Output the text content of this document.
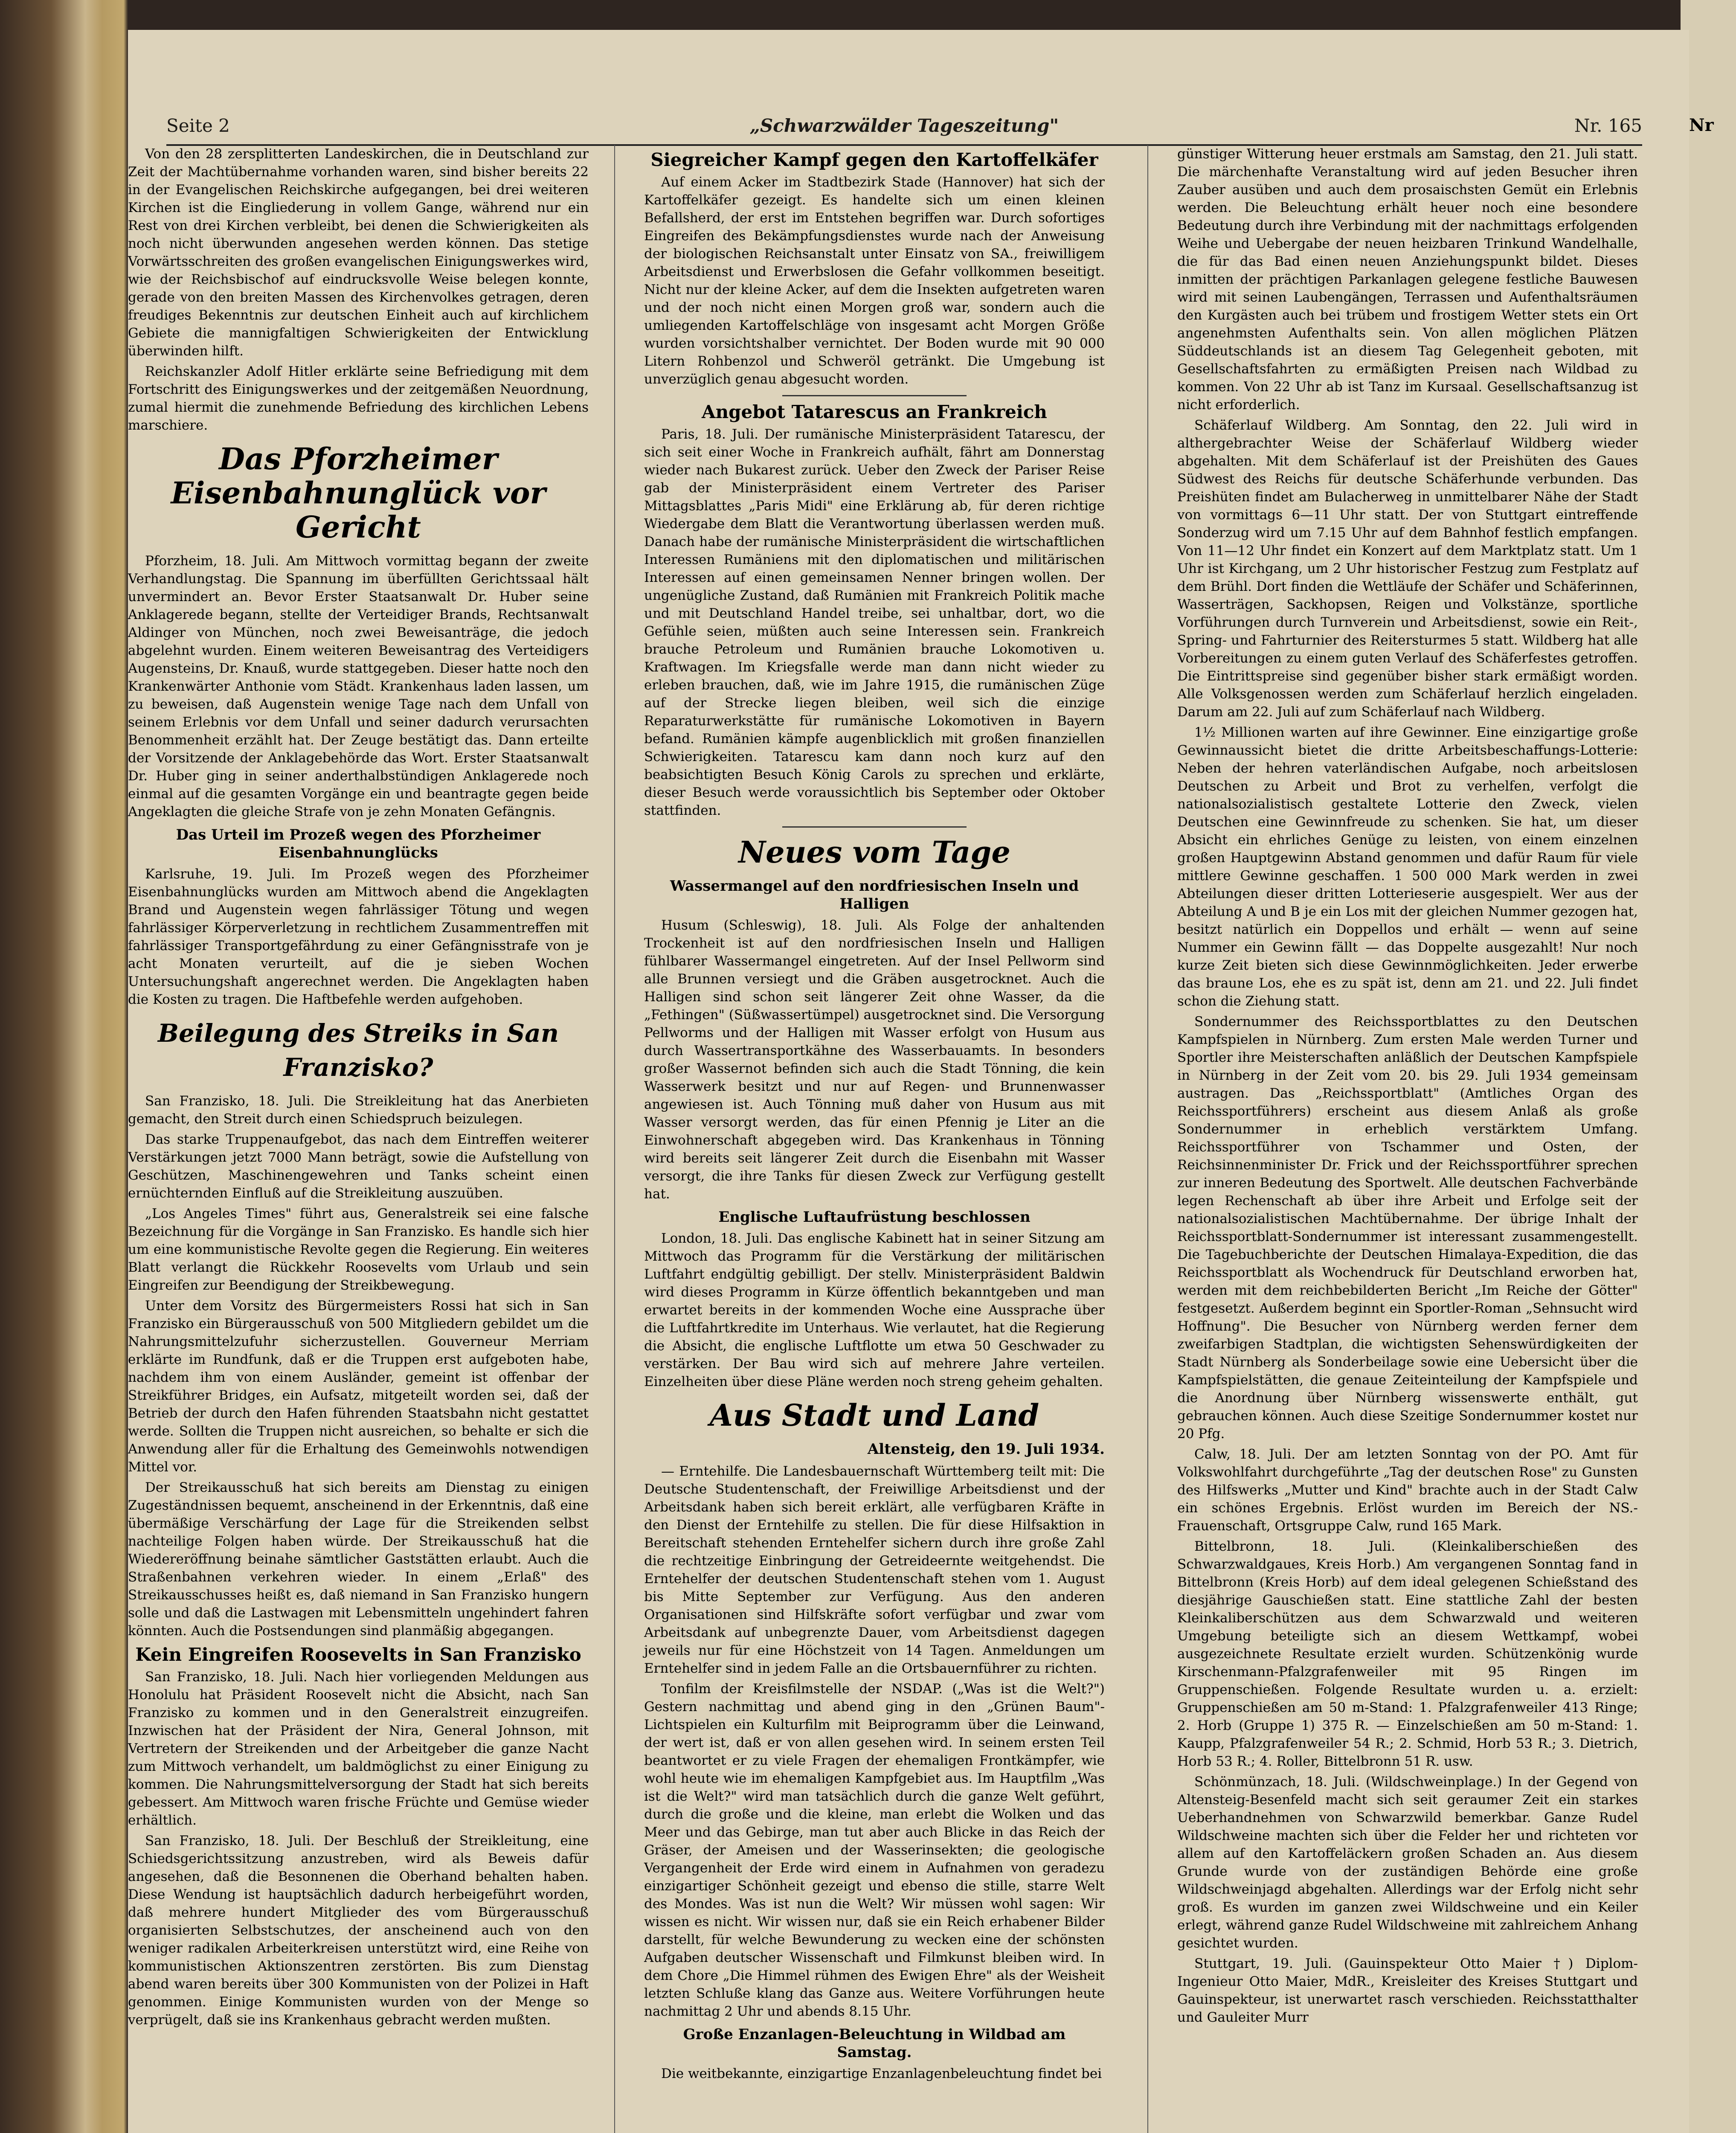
Nr
Seite 2	„Schwarzwälder Tageszeitung"	Nr. 165

Von den 28 zersplitterten Landeskirchen, die in Deutschland zur Zeit der Machtübernahme vorhanden waren, sind bisher bereits 22 in der Evangelischen Reichskirche aufgegangen, bei drei weiteren Kirchen ist die Eingliederung in vollem Gange, während nur ein Rest von drei Kirchen verbleibt, bei denen die Schwierigkeiten als noch nicht überwunden angesehen werden können. Das stetige Vorwärtsschreiten des großen evangelischen Einigungswerkes wird, wie der Reichsbischof auf eindrucksvolle Weise belegen konnte, gerade von den breiten Massen des Kirchenvolkes getragen, deren freudiges Bekenntnis zur deutschen Einheit auch auf kirchlichem Gebiete die mannigfaltigen Schwierigkeiten der Entwicklung überwinden hilft.

Reichskanzler Adolf Hitler erklärte seine Befriedigung mit dem Fortschritt des Einigungswerkes und der zeitgemäßen Neuordnung, zumal hiermit die zunehmende Befriedung des kirchlichen Lebens marschiere.

Das Pforzheimer Eisenbahnunglück vor Gericht

Pforzheim, 18. Juli. Am Mittwoch vormittag begann der zweite Verhandlungstag. Die Spannung im überfüllten Gerichtssaal hält unvermindert an. Bevor Erster Staatsanwalt Dr. Huber seine Anklagerede begann, stellte der Verteidiger Brands, Rechtsanwalt Aldinger von München, noch zwei Beweisanträge, die jedoch abgelehnt wurden. Einem weiteren Beweisantrag des Verteidigers Augensteins, Dr. Knauß, wurde stattgegeben. Dieser hatte noch den Krankenwärter Anthonie vom Städt. Krankenhaus laden lassen, um zu beweisen, daß Augenstein wenige Tage nach dem Unfall von seinem Erlebnis vor dem Unfall und seiner dadurch verursachten Benommenheit erzählt hat. Der Zeuge bestätigt das. Dann erteilte der Vorsitzende der Anklagebehörde das Wort. Erster Staatsanwalt Dr. Huber ging in seiner anderthalbstündigen Anklagerede noch einmal auf die gesamten Vorgänge ein und beantragte gegen beide Angeklagten die gleiche Strafe von je zehn Monaten Gefängnis.

Das Urteil im Prozeß wegen des Pforzheimer Eisenbahnunglücks

Karlsruhe, 19. Juli. Im Prozeß wegen des Pforzheimer Eisenbahnunglücks wurden am Mittwoch abend die Angeklagten Brand und Augenstein wegen fahrlässiger Tötung und wegen fahrlässiger Körperverletzung in rechtlichem Zusammentreffen mit fahrlässiger Transportgefährdung zu einer Gefängnisstrafe von je acht Monaten verurteilt, auf die je sieben Wochen Untersuchungshaft angerechnet werden. Die Angeklagten haben die Kosten zu tragen. Die Haftbefehle werden aufgehoben.

Beilegung des Streiks in San Franzisko?

San Franzisko, 18. Juli. Die Streikleitung hat das Anerbieten gemacht, den Streit durch einen Schiedspruch beizulegen.

Das starke Truppenaufgebot, das nach dem Eintreffen weiterer Verstärkungen jetzt 7000 Mann beträgt, sowie die Aufstellung von Geschützen, Maschinengewehren und Tanks scheint einen ernüchternden Einfluß auf die Streikleitung auszuüben.

„Los Angeles Times" führt aus, Generalstreik sei eine falsche Bezeichnung für die Vorgänge in San Franzisko. Es handle sich hier um eine kommunistische Revolte gegen die Regierung. Ein weiteres Blatt verlangt die Rückkehr Roosevelts vom Urlaub und sein Eingreifen zur Beendigung der Streikbewegung.

Unter dem Vorsitz des Bürgermeisters Rossi hat sich in San Franzisko ein Bürgerausschuß von 500 Mitgliedern gebildet um die Nahrungsmittelzufuhr sicherzustellen. Gouverneur Merriam erklärte im Rundfunk, daß er die Truppen erst aufgeboten habe, nachdem ihm von einem Ausländer, gemeint ist offenbar der Streikführer Bridges, ein Aufsatz, mitgeteilt worden sei, daß der Betrieb der durch den Hafen führenden Staatsbahn nicht gestattet werde. Sollten die Truppen nicht ausreichen, so behalte er sich die Anwendung aller für die Erhaltung des Gemeinwohls notwendigen Mittel vor.

Der Streikausschuß hat sich bereits am Dienstag zu einigen Zugeständnissen bequemt, anscheinend in der Erkenntnis, daß eine übermäßige Verschärfung der Lage für die Streikenden selbst nachteilige Folgen haben würde. Der Streikausschuß hat die Wiedereröffnung beinahe sämtlicher Gaststätten erlaubt. Auch die Straßenbahnen verkehren wieder. In einem „Erlaß" des Streikausschusses heißt es, daß niemand in San Franzisko hungern solle und daß die Lastwagen mit Lebensmitteln ungehindert fahren könnten. Auch die Postsendungen sind planmäßig abgegangen.

Kein Eingreifen Roosevelts in San Franzisko

San Franzisko, 18. Juli. Nach hier vorliegenden Meldungen aus Honolulu hat Präsident Roosevelt nicht die Absicht, nach San Franzisko zu kommen und in den Generalstreit einzugreifen. Inzwischen hat der Präsident der Nira, General Johnson, mit Vertretern der Streikenden und der Arbeitgeber die ganze Nacht zum Mittwoch verhandelt, um baldmöglichst zu einer Einigung zu kommen. Die Nahrungsmittelversorgung der Stadt hat sich bereits gebessert. Am Mittwoch waren frische Früchte und Gemüse wieder erhältlich.

San Franzisko, 18. Juli. Der Beschluß der Streikleitung, eine Schiedsgerichtssitzung anzustreben, wird als Beweis dafür angesehen, daß die Besonnenen die Oberhand behalten haben. Diese Wendung ist hauptsächlich dadurch herbeigeführt worden, daß mehrere hundert Mitglieder des vom Bürgerausschuß organisierten Selbstschutzes, der anscheinend auch von den weniger radikalen Arbeiterkreisen unterstützt wird, eine Reihe von kommunistischen Aktionszentren zerstörten. Bis zum Dienstag abend waren bereits über 300 Kommunisten von der Polizei in Haft genommen. Einige Kommunisten wurden von der Menge so verprügelt, daß sie ins Krankenhaus gebracht werden mußten.

Siegreicher Kampf gegen den Kartoffelkäfer

Auf einem Acker im Stadtbezirk Stade (Hannover) hat sich der Kartoffelkäfer gezeigt. Es handelte sich um einen kleinen Befallsherd, der erst im Entstehen begriffen war. Durch sofortiges Eingreifen des Bekämpfungsdienstes wurde nach der Anweisung der biologischen Reichsanstalt unter Einsatz von SA., freiwilligem Arbeitsdienst und Erwerbslosen die Gefahr vollkommen beseitigt. Nicht nur der kleine Acker, auf dem die Insekten aufgetreten waren und der noch nicht einen Morgen groß war, sondern auch die umliegenden Kartoffelschläge von insgesamt acht Morgen Größe wurden vorsichtshalber vernichtet. Der Boden wurde mit 90 000 Litern Rohbenzol und Schweröl getränkt. Die Umgebung ist unverzüglich genau abgesucht worden.

Angebot Tatarescus an Frankreich

Paris, 18. Juli. Der rumänische Ministerpräsident Tatarescu, der sich seit einer Woche in Frankreich aufhält, fährt am Donnerstag wieder nach Bukarest zurück. Ueber den Zweck der Pariser Reise gab der Ministerpräsident einem Vertreter des Pariser Mittagsblattes „Paris Midi" eine Erklärung ab, für deren richtige Wiedergabe dem Blatt die Verantwortung überlassen werden muß. Danach habe der rumänische Ministerpräsident die wirtschaftlichen Interessen Rumäniens mit den diplomatischen und militärischen Interessen auf einen gemeinsamen Nenner bringen wollen. Der ungenügliche Zustand, daß Rumänien mit Frankreich Politik mache und mit Deutschland Handel treibe, sei unhaltbar, dort, wo die Gefühle seien, müßten auch seine Interessen sein. Frankreich brauche Petroleum und Rumänien brauche Lokomotiven u. Kraftwagen. Im Kriegsfalle werde man dann nicht wieder zu erleben brauchen, daß, wie im Jahre 1915, die rumänischen Züge auf der Strecke liegen bleiben, weil sich die einzige Reparaturwerkstätte für rumänische Lokomotiven in Bayern befand. Rumänien kämpfe augenblicklich mit großen finanziellen Schwierigkeiten. Tatarescu kam dann noch kurz auf den beabsichtigten Besuch König Carols zu sprechen und erklärte, dieser Besuch werde voraussichtlich bis September oder Oktober stattfinden.

Neues vom Tage
Wassermangel auf den nordfriesischen Inseln und Halligen

Husum (Schleswig), 18. Juli. Als Folge der anhaltenden Trockenheit ist auf den nordfriesischen Inseln und Halligen fühlbarer Wassermangel eingetreten. Auf der Insel Pellworm sind alle Brunnen versiegt und die Gräben ausgetrocknet. Auch die Halligen sind schon seit längerer Zeit ohne Wasser, da die „Fethingen" (Süßwassertümpel) ausgetrocknet sind. Die Versorgung Pellworms und der Halligen mit Wasser erfolgt von Husum aus durch Wassertransportkähne des Wasserbauamts. In besonders großer Wassernot befinden sich auch die Stadt Tönning, die kein Wasserwerk besitzt und nur auf Regen- und Brunnenwasser angewiesen ist. Auch Tönning muß daher von Husum aus mit Wasser versorgt werden, das für einen Pfennig je Liter an die Einwohnerschaft abgegeben wird. Das Krankenhaus in Tönning wird bereits seit längerer Zeit durch die Eisenbahn mit Wasser versorgt, die ihre Tanks für diesen Zweck zur Verfügung gestellt hat.

Englische Luftaufrüstung beschlossen

London, 18. Juli. Das englische Kabinett hat in seiner Sitzung am Mittwoch das Programm für die Verstärkung der militärischen Luftfahrt endgültig gebilligt. Der stellv. Ministerpräsident Baldwin wird dieses Programm in Kürze öffentlich bekanntgeben und man erwartet bereits in der kommenden Woche eine Aussprache über die Luftfahrtkredite im Unterhaus. Wie verlautet, hat die Regierung die Absicht, die englische Luftflotte um etwa 50 Geschwader zu verstärken. Der Bau wird sich auf mehrere Jahre verteilen. Einzelheiten über diese Pläne werden noch streng geheim gehalten.

Aus Stadt und Land
Altensteig, den 19. Juli 1934.

— Erntehilfe. Die Landesbauernschaft Württemberg teilt mit: Die Deutsche Studentenschaft, der Freiwillige Arbeitsdienst und der Arbeitsdank haben sich bereit erklärt, alle verfügbaren Kräfte in den Dienst der Erntehilfe zu stellen. Die für diese Hilfsaktion in Bereitschaft stehenden Erntehelfer sichern durch ihre große Zahl die rechtzeitige Einbringung der Getreideernte weitgehendst. Die Erntehelfer der deutschen Studentenschaft stehen vom 1. August bis Mitte September zur Verfügung. Aus den anderen Organisationen sind Hilfskräfte sofort verfügbar und zwar vom Arbeitsdank auf unbegrenzte Dauer, vom Arbeitsdienst dagegen jeweils nur für eine Höchstzeit von 14 Tagen. Anmeldungen um Erntehelfer sind in jedem Falle an die Ortsbauernführer zu richten.

Tonfilm der Kreisfilmstelle der NSDAP. („Was ist die Welt?") Gestern nachmittag und abend ging in den „Grünen Baum"-Lichtspielen ein Kulturfilm mit Beiprogramm über die Leinwand, der wert ist, daß er von allen gesehen wird. In seinem ersten Teil beantwortet er zu viele Fragen der ehemaligen Frontkämpfer, wie wohl heute wie im ehemaligen Kampfgebiet aus. Im Hauptfilm „Was ist die Welt?" wird man tatsächlich durch die ganze Welt geführt, durch die große und die kleine, man erlebt die Wolken und das Meer und das Gebirge, man tut aber auch Blicke in das Reich der Gräser, der Ameisen und der Wasserinsekten; die geologische Vergangenheit der Erde wird einem in Aufnahmen von geradezu einzigartiger Schönheit gezeigt und ebenso die stille, starre Welt des Mondes. Was ist nun die Welt? Wir müssen wohl sagen: Wir wissen es nicht. Wir wissen nur, daß sie ein Reich erhabener Bilder darstellt, für welche Bewunderung zu wecken eine der schönsten Aufgaben deutscher Wissenschaft und Filmkunst bleiben wird. In dem Chore „Die Himmel rühmen des Ewigen Ehre" als der Weisheit letzten Schluße klang das Ganze aus. Weitere Vorführungen heute nachmittag 2 Uhr und abends 8.15 Uhr.

Große Enzanlagen-Beleuchtung in Wildbad am Samstag.

Die weitbekannte, einzigartige Enzanlagenbeleuchtung findet bei

günstiger Witterung heuer erstmals am Samstag, den 21. Juli statt. Die märchenhafte Veranstaltung wird auf jeden Besucher ihren Zauber ausüben und auch dem prosaischsten Gemüt ein Erlebnis werden. Die Beleuchtung erhält heuer noch eine besondere Bedeutung durch ihre Verbindung mit der nachmittags erfolgenden Weihe und Uebergabe der neuen heizbaren Trinkund Wandelhalle, die für das Bad einen neuen Anziehungspunkt bildet. Dieses inmitten der prächtigen Parkanlagen gelegene festliche Bauwesen wird mit seinen Laubengängen, Terrassen und Aufenthaltsräumen den Kurgästen auch bei trübem und frostigem Wetter stets ein Ort angenehmsten Aufenthalts sein. Von allen möglichen Plätzen Süddeutschlands ist an diesem Tag Gelegenheit geboten, mit Gesellschaftsfahrten zu ermäßigten Preisen nach Wildbad zu kommen. Von 22 Uhr ab ist Tanz im Kursaal. Gesellschaftsanzug ist nicht erforderlich.

Schäferlauf Wildberg. Am Sonntag, den 22. Juli wird in althergebrachter Weise der Schäferlauf Wildberg wieder abgehalten. Mit dem Schäferlauf ist der Preishüten des Gaues Südwest des Reichs für deutsche Schäferhunde verbunden. Das Preishüten findet am Bulacherweg in unmittelbarer Nähe der Stadt von vormittags 6—11 Uhr statt. Der von Stuttgart eintreffende Sonderzug wird um 7.15 Uhr auf dem Bahnhof festlich empfangen. Von 11—12 Uhr findet ein Konzert auf dem Marktplatz statt. Um 1 Uhr ist Kirchgang, um 2 Uhr historischer Festzug zum Festplatz auf dem Brühl. Dort finden die Wettläufe der Schäfer und Schäferinnen, Wasserträgen, Sackhopsen, Reigen und Volkstänze, sportliche Vorführungen durch Turnverein und Arbeitsdienst, sowie ein Reit-, Spring- und Fahrturnier des Reitersturmes 5 statt. Wildberg hat alle Vorbereitungen zu einem guten Verlauf des Schäferfestes getroffen. Die Eintrittspreise sind gegenüber bisher stark ermäßigt worden. Alle Volksgenossen werden zum Schäferlauf herzlich eingeladen. Darum am 22. Juli auf zum Schäferlauf nach Wildberg.

1½ Millionen warten auf ihre Gewinner. Eine einzigartige große Gewinnaussicht bietet die dritte Arbeitsbeschaffungs-Lotterie: Neben der hehren vaterländischen Aufgabe, noch arbeitslosen Deutschen zu Arbeit und Brot zu verhelfen, verfolgt die nationalsozialistisch gestaltete Lotterie den Zweck, vielen Deutschen eine Gewinnfreude zu schenken. Sie hat, um dieser Absicht ein ehrliches Genüge zu leisten, von einem einzelnen großen Hauptgewinn Abstand genommen und dafür Raum für viele mittlere Gewinne geschaffen. 1 500 000 Mark werden in zwei Abteilungen dieser dritten Lotterieserie ausgespielt. Wer aus der Abteilung A und B je ein Los mit der gleichen Nummer gezogen hat, besitzt natürlich ein Doppellos und erhält — wenn auf seine Nummer ein Gewinn fällt — das Doppelte ausgezahlt! Nur noch kurze Zeit bieten sich diese Gewinnmöglichkeiten. Jeder erwerbe das braune Los, ehe es zu spät ist, denn am 21. und 22. Juli findet schon die Ziehung statt.

Sondernummer des Reichssportblattes zu den Deutschen Kampfspielen in Nürnberg. Zum ersten Male werden Turner und Sportler ihre Meisterschaften anläßlich der Deutschen Kampfspiele in Nürnberg in der Zeit vom 20. bis 29. Juli 1934 gemeinsam austragen. Das „Reichssportblatt" (Amtliches Organ des Reichssportführers) erscheint aus diesem Anlaß als große Sondernummer in erheblich verstärktem Umfang. Reichssportführer von Tschammer und Osten, der Reichsinnenminister Dr. Frick und der Reichssportführer sprechen zur inneren Bedeutung des Sportwelt. Alle deutschen Fachverbände legen Rechenschaft ab über ihre Arbeit und Erfolge seit der nationalsozialistischen Machtübernahme. Der übrige Inhalt der Reichssportblatt-Sondernummer ist interessant zusammengestellt. Die Tagebuchberichte der Deutschen Himalaya-Expedition, die das Reichssportblatt als Wochendruck für Deutschland erworben hat, werden mit dem reichbebilderten Bericht „Im Reiche der Götter" festgesetzt. Außerdem beginnt ein Sportler-Roman „Sehnsucht wird Hoffnung". Die Besucher von Nürnberg werden ferner dem zweifarbigen Stadtplan, die wichtigsten Sehenswürdigkeiten der Stadt Nürnberg als Sonderbeilage sowie eine Uebersicht über die Kampfspielstätten, die genaue Zeiteinteilung der Kampfspiele und die Anordnung über Nürnberg wissenswerte enthält, gut gebrauchen können. Auch diese Szeitige Sondernummer kostet nur 20 Pfg.

Calw, 18. Juli. Der am letzten Sonntag von der PO. Amt für Volkswohlfahrt durchgeführte „Tag der deutschen Rose" zu Gunsten des Hilfswerks „Mutter und Kind" brachte auch in der Stadt Calw ein schönes Ergebnis. Erlöst wurden im Bereich der NS.-Frauenschaft, Ortsgruppe Calw, rund 165 Mark.

Bittelbronn, 18. Juli. (Kleinkaliberschießen des Schwarzwaldgaues, Kreis Horb.) Am vergangenen Sonntag fand in Bittelbronn (Kreis Horb) auf dem ideal gelegenen Schießstand des diesjährige Gauschießen statt. Eine stattliche Zahl der besten Kleinkaliberschützen aus dem Schwarzwald und weiteren Umgebung beteiligte sich an diesem Wettkampf, wobei ausgezeichnete Resultate erzielt wurden. Schützenkönig wurde Kirschenmann-Pfalzgrafenweiler mit 95 Ringen im Gruppenschießen. Folgende Resultate wurden u. a. erzielt: Gruppenschießen am 50 m-Stand: 1. Pfalzgrafenweiler 413 Ringe; 2. Horb (Gruppe 1) 375 R. — Einzelschießen am 50 m-Stand: 1. Kaupp, Pfalzgrafenweiler 54 R.; 2. Schmid, Horb 53 R.; 3. Dietrich, Horb 53 R.; 4. Roller, Bittelbronn 51 R. usw.

Schönmünzach, 18. Juli. (Wildschweinplage.) In der Gegend von Altensteig-Besenfeld macht sich seit geraumer Zeit ein starkes Ueberhandnehmen von Schwarzwild bemerkbar. Ganze Rudel Wildschweine machten sich über die Felder her und richteten vor allem auf den Kartoffeläckern großen Schaden an. Aus diesem Grunde wurde von der zuständigen Behörde eine große Wildschweinjagd abgehalten. Allerdings war der Erfolg nicht sehr groß. Es wurden im ganzen zwei Wildschweine und ein Keiler erlegt, während ganze Rudel Wildschweine mit zahlreichem Anhang gesichtet wurden.

Stuttgart, 19. Juli. (Gauinspekteur Otto Maier †) Diplom-Ingenieur Otto Maier, MdR., Kreisleiter des Kreises Stuttgart und Gauinspekteur, ist unerwartet rasch verschieden. Reichsstatthalter und Gauleiter Murr
